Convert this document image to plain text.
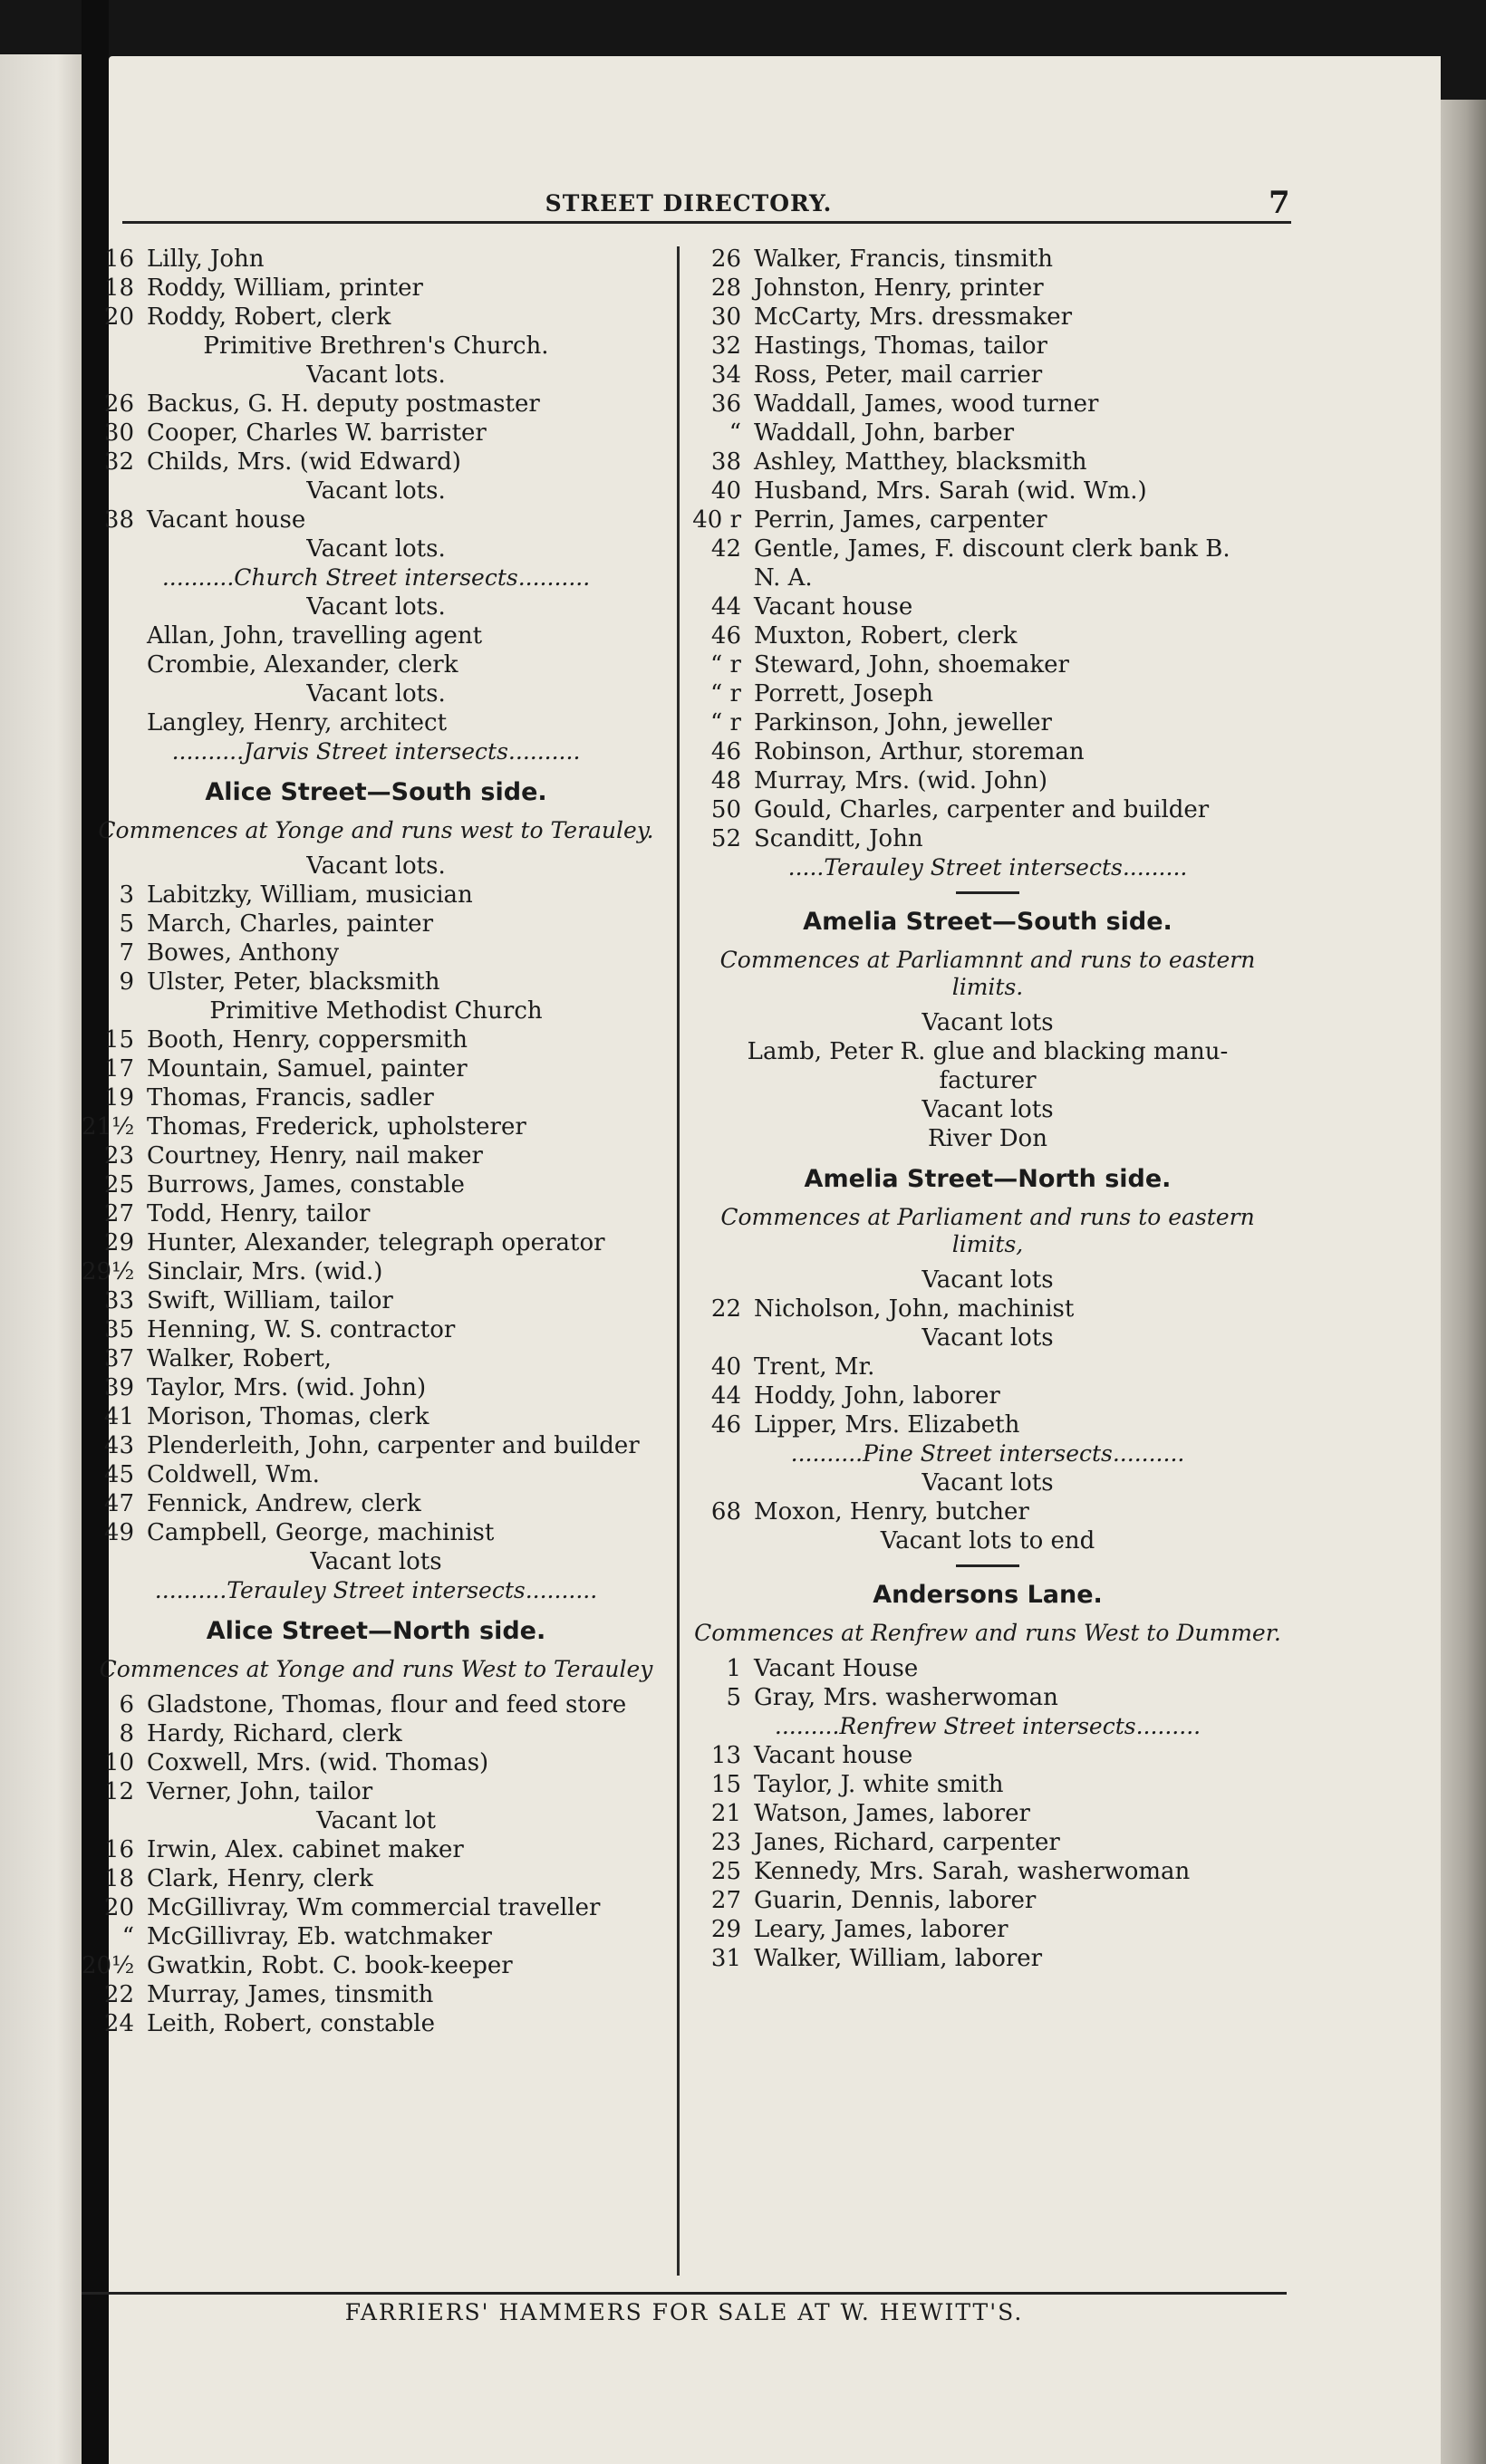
STREET DIRECTORY.	7
16 Lilly, John
18 Roddy, William, printer
20 Roddy, Robert, clerk
Primitive Brethren's Church.
Vacant lots.
26 Backus, G. H. deputy postmaster
30 Cooper, Charles W. barrister
32 Childs, Mrs. (wid Edward)
Vacant lots.
38 Vacant house
Vacant lots.
..........Church Street intersects..........
Vacant lots.
Allan, John, travelling agent
Crombie, Alexander, clerk
Vacant lots.
Langley, Henry, architect
..........Jarvis Street intersects..........
Alice Street—South side.
Commences at Yonge and runs west to Terauley.
Vacant lots.
3 Labitzky, William, musician
5 March, Charles, painter
7 Bowes, Anthony
9 Ulster, Peter, blacksmith
Primitive Methodist Church
15 Booth, Henry, coppersmith
17 Mountain, Samuel, painter
19 Thomas, Francis, sadler
21½ Thomas, Frederick, upholsterer
23 Courtney, Henry, nail maker
25 Burrows, James, constable
27 Todd, Henry, tailor
29 Hunter, Alexander, telegraph operator
29½ Sinclair, Mrs. (wid.)
33 Swift, William, tailor
35 Henning, W. S. contractor
37 Walker, Robert,
39 Taylor, Mrs. (wid. John)
41 Morison, Thomas, clerk
43 Plenderleith, John, carpenter and builder
45 Coldwell, Wm.
47 Fennick, Andrew, clerk
49 Campbell, George, machinist
Vacant lots
..........Terauley Street intersects..........
Alice Street—North side.
Commences at Yonge and runs West to Terauley
6 Gladstone, Thomas, flour and feed store
8 Hardy, Richard, clerk
10 Coxwell, Mrs. (wid. Thomas)
12 Verner, John, tailor
Vacant lot
16 Irwin, Alex. cabinet maker
18 Clark, Henry, clerk
20 McGillivray, Wm commercial traveller
“ McGillivray, Eb. watchmaker
20½ Gwatkin, Robt. C. book-keeper
22 Murray, James, tinsmith
24 Leith, Robert, constable
26 Walker, Francis, tinsmith
28 Johnston, Henry, printer
30 McCarty, Mrs. dressmaker
32 Hastings, Thomas, tailor
34 Ross, Peter, mail carrier
36 Waddall, James, wood turner
“ Waddall, John, barber
38 Ashley, Matthey, blacksmith
40 Husband, Mrs. Sarah (wid. Wm.)
40 r Perrin, James, carpenter
42 Gentle, James, F. discount clerk bank B.
N. A.
44 Vacant house
46 Muxton, Robert, clerk
“ r Steward, John, shoemaker
“ r Porrett, Joseph
“ r Parkinson, John, jeweller
46 Robinson, Arthur, storeman
48 Murray, Mrs. (wid. John)
50 Gould, Charles, carpenter and builder
52 Scanditt, John
.....Terauley Street intersects.........
Amelia Street—South side.
Commences at Parliamnnt and runs to eastern limits.
Vacant lots
Lamb, Peter R. glue and blacking manu-
facturer
Vacant lots
River Don
Amelia Street—North side.
Commences at Parliament and runs to eastern limits,
Vacant lots
22 Nicholson, John, machinist
Vacant lots
40 Trent, Mr.
44 Hoddy, John, laborer
46 Lipper, Mrs. Elizabeth
..........Pine Street intersects..........
Vacant lots
68 Moxon, Henry, butcher
Vacant lots to end
Andersons Lane.
Commences at Renfrew and runs West to Dummer.
1 Vacant House
5 Gray, Mrs. washerwoman
.........Renfrew Street intersects.........
13 Vacant house
15 Taylor, J. white smith
21 Watson, James, laborer
23 Janes, Richard, carpenter
25 Kennedy, Mrs. Sarah, washerwoman
27 Guarin, Dennis, laborer
29 Leary, James, laborer
31 Walker, William, laborer
FARRIERS' HAMMERS FOR SALE AT W. HEWITT'S.
